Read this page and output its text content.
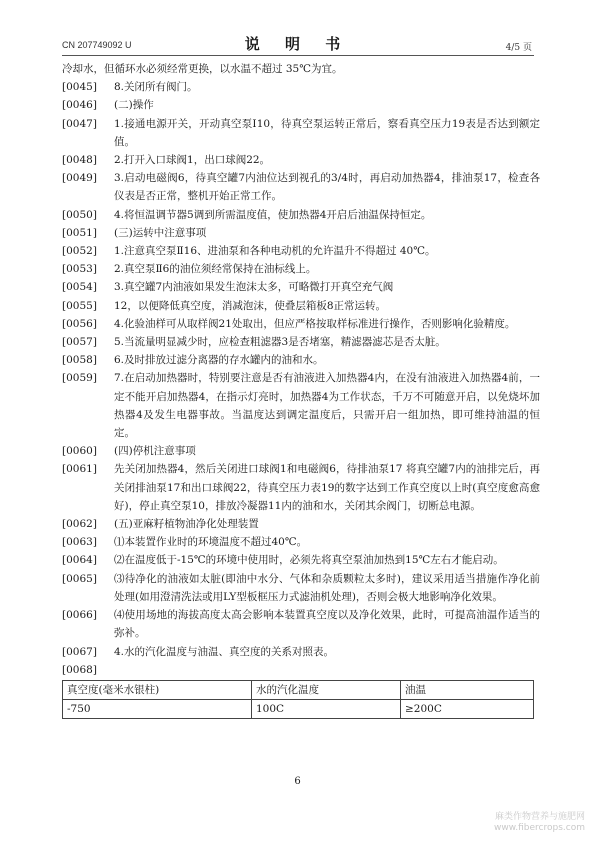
CN 207749092 U	说 明 书	4/5 页
冷却水，但循环水必须经常更换，以水温不超过 35℃为宜。
[0045]	8.关闭所有阀门。
[0046]	(二)操作
[0047]	1.接通电源开关，开动真空泵Ⅰ10，待真空泵运转正常后，察看真空压力19表是否达到额定值。
[0048]	2.打开入口球阀1，出口球阀22。
[0049]	3.启动电磁阀6，待真空罐7内油位达到视孔的3/4时，再启动加热器4，排油泵17，检查各仪表是否正常，整机开始正常工作。
[0050]	4.将恒温调节器5调到所需温度值，使加热器4开启后油温保持恒定。
[0051]	(三)运转中注意事项
[0052]	1.注意真空泵Ⅱ16、进油泵和各种电动机的允许温升不得超过 40℃。
[0053]	2.真空泵Ⅱ6的油位须经常保持在油标线上。
[0054]	3.真空罐7内油液如果发生泡沫太多，可略微打开真空充气阀
[0055]	12，以便降低真空度，消减泡沫，使叠层箱板8正常运转。
[0056]	4.化验油样可从取样阀21处取出，但应严格按取样标准进行操作，否则影响化验精度。
[0057]	5.当流量明显减少时，应检查粗滤器3是否堵塞，精滤器滤芯是否太脏。
[0058]	6.及时排放过滤分离器的存水罐内的油和水。
[0059]	7.在启动加热器时，特别要注意是否有油液进入加热器4内，在没有油液进入加热器4前，一定不能开启加热器4，在指示灯亮时，加热器4为工作状态，千万不可随意开启，以免烧坏加热器4及发生电器事故。当温度达到调定温度后，只需开启一组加热，即可维持油温的恒定。
[0060]	(四)停机注意事项
[0061]	先关闭加热器4，然后关闭进口球阀1和电磁阀6，待排油泵17 将真空罐7内的油排完后，再关闭排油泵17和出口球阀22，待真空压力表19的数字达到工作真空度以上时(真空度愈高愈好)，停止真空泵10，排放冷凝器11内的油和水，关闭其余阀门，切断总电源。
[0062]	(五)亚麻籽植物油净化处理装置
[0063]	⑴本装置作业时的环境温度不超过40℃。
[0064]	⑵在温度低于-15℃的环境中使用时，必须先将真空泵油加热到15℃左右才能启动。
[0065]	⑶待净化的油液如太脏(即油中水分、气体和杂质颗粒太多时)，建议采用适当措施作净化前处理(如用澄清洗法或用LY型板框压力式滤油机处理)，否则会极大地影响净化效果。
[0066]	⑷使用场地的海拔高度太高会影响本装置真空度以及净化效果，此时，可提高油温作适当的弥补。
[0067]	4.水的汽化温度与油温、真空度的关系对照表。
[0068]
真空度(毫米水银柱)	水的汽化温度	油温
-750	100C	≥200C
6
麻类作物营养与施肥网
www.fibercrops.com
